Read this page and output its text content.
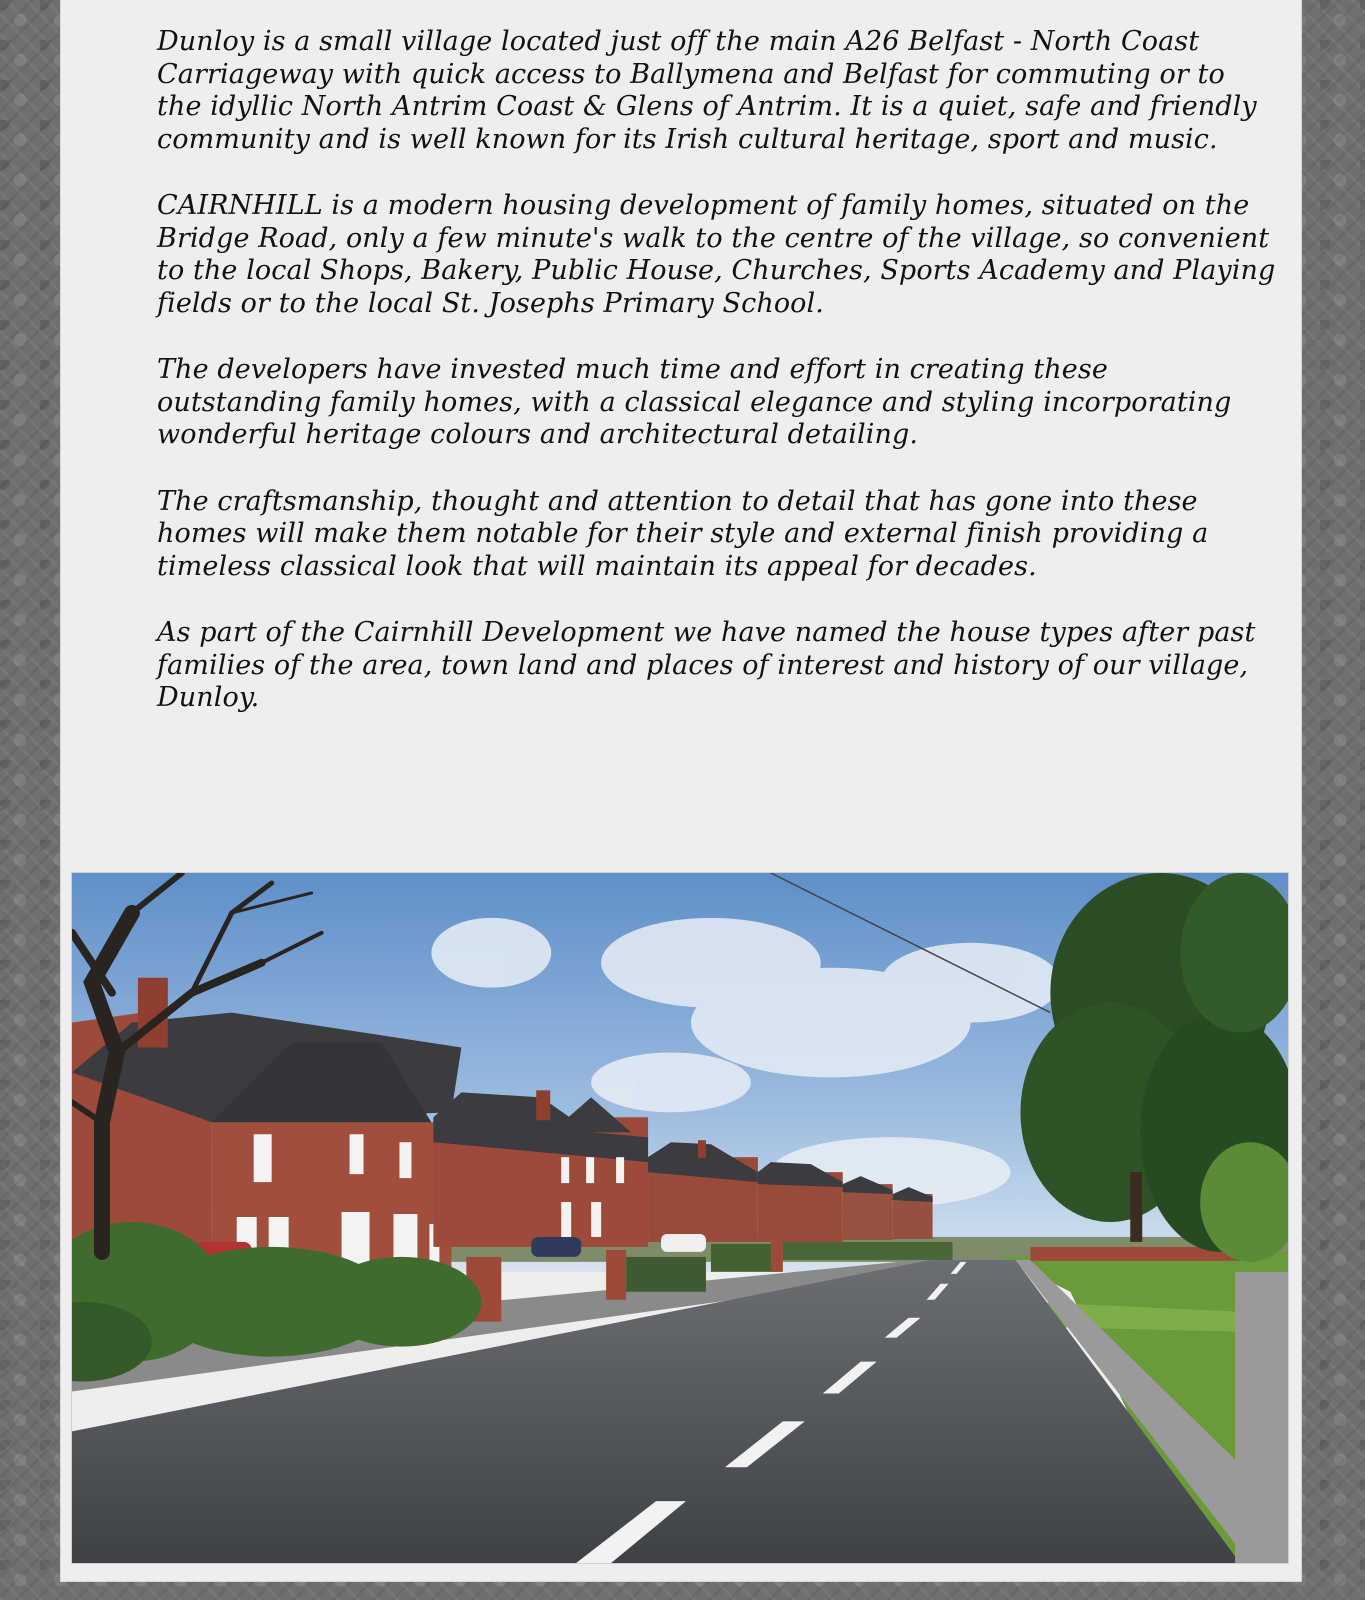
Dunloy is a small village located just off the main A26 Belfast - North Coast Carriageway with quick access to Ballymena and Belfast for commuting or to the idyllic North Antrim Coast & Glens of Antrim. It is a quiet, safe and friendly community and is well known for its Irish cultural heritage, sport and music.

CAIRNHILL is a modern housing development of family homes, situated on the Bridge Road, only a few minute's walk to the centre of the village, so convenient to the local Shops, Bakery, Public House, Churches, Sports Academy and Playing fields or to the local St. Josephs Primary School.

The developers have invested much time and effort in creating these outstanding family homes, with a classical elegance and styling incorporating wonderful heritage colours and architectural detailing.

The craftsmanship, thought and attention to detail that has gone into these homes will make them notable for their style and external finish providing a timeless classical look that will maintain its appeal for decades.

As part of the Cairnhill Development we have named the house types after past families of the area, town land and places of interest and history of our village, Dunloy.
